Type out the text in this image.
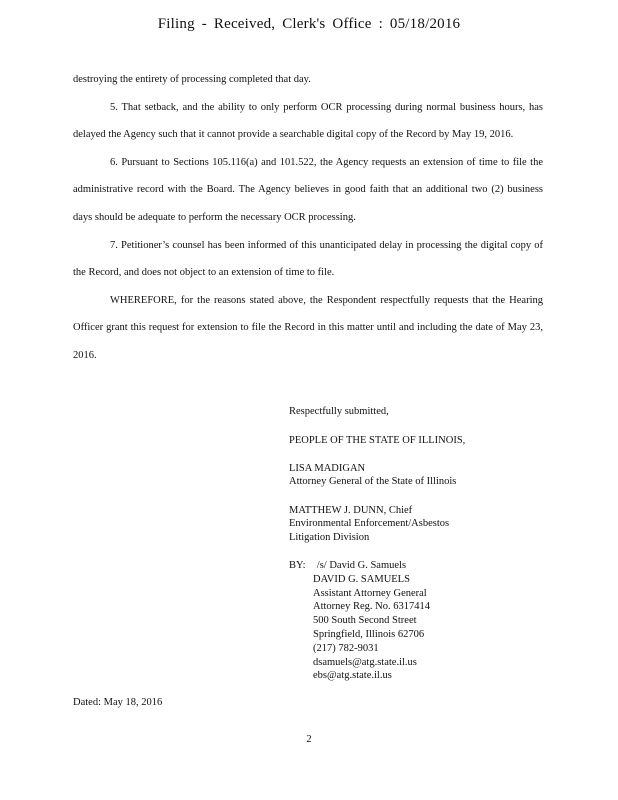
Filing - Received, Clerk's Office : 05/18/2016

destroying the entirety of processing completed that day.

5. That setback, and the ability to only perform OCR processing during normal business hours, has delayed the Agency such that it cannot provide a searchable digital copy of the Record by May 19, 2016.

6. Pursuant to Sections 105.116(a) and 101.522, the Agency requests an extension of time to file the administrative record with the Board. The Agency believes in good faith that an additional two (2) business days should be adequate to perform the necessary OCR processing.

7. Petitioner’s counsel has been informed of this unanticipated delay in processing the digital copy of the Record, and does not object to an extension of time to file.

WHEREFORE, for the reasons stated above, the Respondent respectfully requests that the Hearing Officer grant this request for extension to file the Record in this matter until and including the date of May 23, 2016.

Respectfully submitted,
PEOPLE OF THE STATE OF ILLINOIS,
LISA MADIGAN
Attorney General of the State of Illinois
MATTHEW J. DUNN, Chief
Environmental Enforcement/Asbestos
Litigation Division
BY: /s/ David G. Samuels
DAVID G. SAMUELS
Assistant Attorney General
Attorney Reg. No. 6317414
500 South Second Street
Springfield, Illinois 62706
(217) 782-9031
dsamuels@atg.state.il.us
ebs@atg.state.il.us
Dated: May 18, 2016
2
